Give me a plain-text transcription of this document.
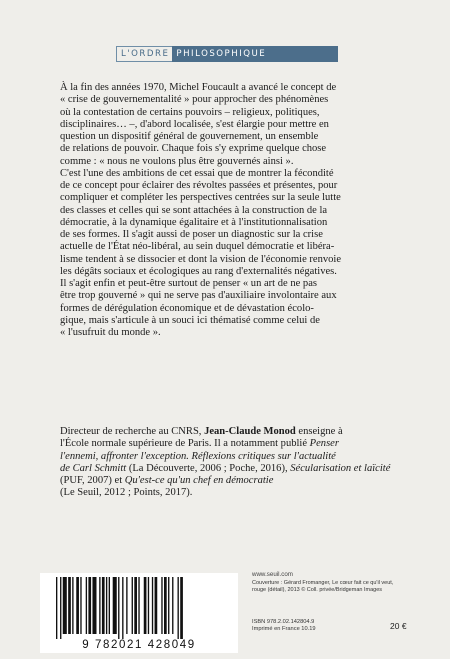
L'ORDRE PHILOSOPHIQUE

À la fin des années 1970, Michel Foucault a avancé le concept de

« crise de gouvernementalité » pour approcher des phénomènes

où la contestation de certains pouvoirs – religieux, politiques,

disciplinaires… –, d'abord localisée, s'est élargie pour mettre en

question un dispositif général de gouvernement, un ensemble

de relations de pouvoir. Chaque fois s'y exprime quelque chose

comme : « nous ne voulons plus être gouvernés ainsi ».

C'est l'une des ambitions de cet essai que de montrer la fécondité

de ce concept pour éclairer des révoltes passées et présentes, pour

compliquer et compléter les perspectives centrées sur la seule lutte

des classes et celles qui se sont attachées à la construction de la

démocratie, à la dynamique égalitaire et à l'institutionnalisation

de ses formes. Il s'agit aussi de poser un diagnostic sur la crise

actuelle de l'État néo-libéral, au sein duquel démocratie et libéra-

lisme tendent à se dissocier et dont la vision de l'économie renvoie

les dégâts sociaux et écologiques au rang d'externalités négatives.

Il s'agit enfin et peut-être surtout de penser « un art de ne pas

être trop gouverné » qui ne serve pas d'auxiliaire involontaire aux

formes de dérégulation économique et de dévastation écolo-

gique, mais s'articule à un souci ici thématisé comme celui de

« l'usufruit du monde ».

Directeur de recherche au CNRS, Jean-Claude Monod enseigne à

l'École normale supérieure de Paris. Il a notamment publié Penser

l'ennemi, affronter l'exception. Réflexions critiques sur l'actualité

de Carl Schmitt (La Découverte, 2006 ; Poche, 2016), Sécularisation et laïcité

(PUF, 2007) et Qu'est-ce qu'un chef en démocratie

(Le Seuil, 2012 ; Points, 2017).

9 782021 428049
www.seuil.com
Couverture : Gérard Fromanger, Le cœur fait ce qu'il veut,
rouge (détail), 2013 © Coll. privée/Bridgeman Images
ISBN 978.2.02.142804.9
Imprimé en France 10.19	20 €
